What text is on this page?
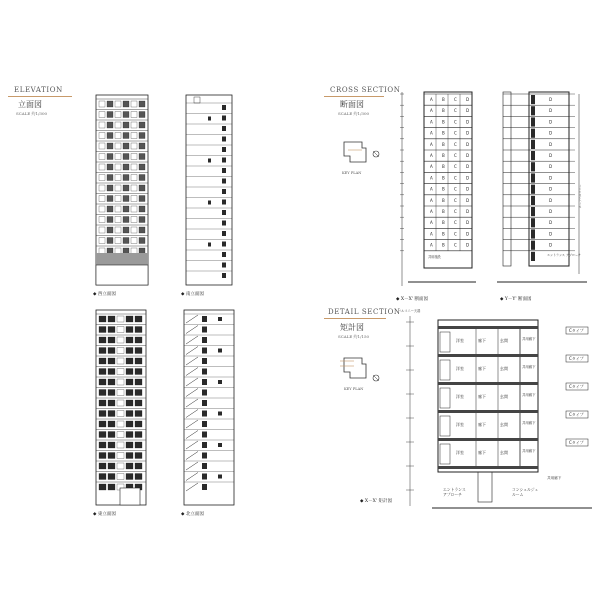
ELEVATION
立面図
SCALE 約1/300
◆ 西立面図	◆ 南立面図
◆ 東立面図	◆ 北立面図
CROSS SECTION
断面図
SCALE 約1/300
KEY PLAN
A B C D
A B C D
A B C D
A B C D
A B C D
A B C D
A B C D
A B C D
A B C D
A B C D
A B C D
A B C D
A B C D
A B C D
共用施設
◆ X－X' 断面図
D
D
D
D
D
D
D
D
D
D
D
D
D
D
ルーフバルコニー
エントランス アプローチ
◆ Y－Y' 断面図
DETAIL SECTION
矩計図
SCALE 約1/150
KEY PLAN
バルコニー天端
洋室	廊下	玄関	共用廊下
Cタイプ
洋室	廊下	玄関	共用廊下
Cタイプ
洋室	廊下	玄関	共用廊下
Cタイプ
洋室	廊下	玄関	共用廊下
Cタイプ
洋室	廊下	玄関	共用廊下
Cタイプ
エントランス アプローチ
コンシェルジュ ルーム
共用廊下
◆ X－X' 矩計図
